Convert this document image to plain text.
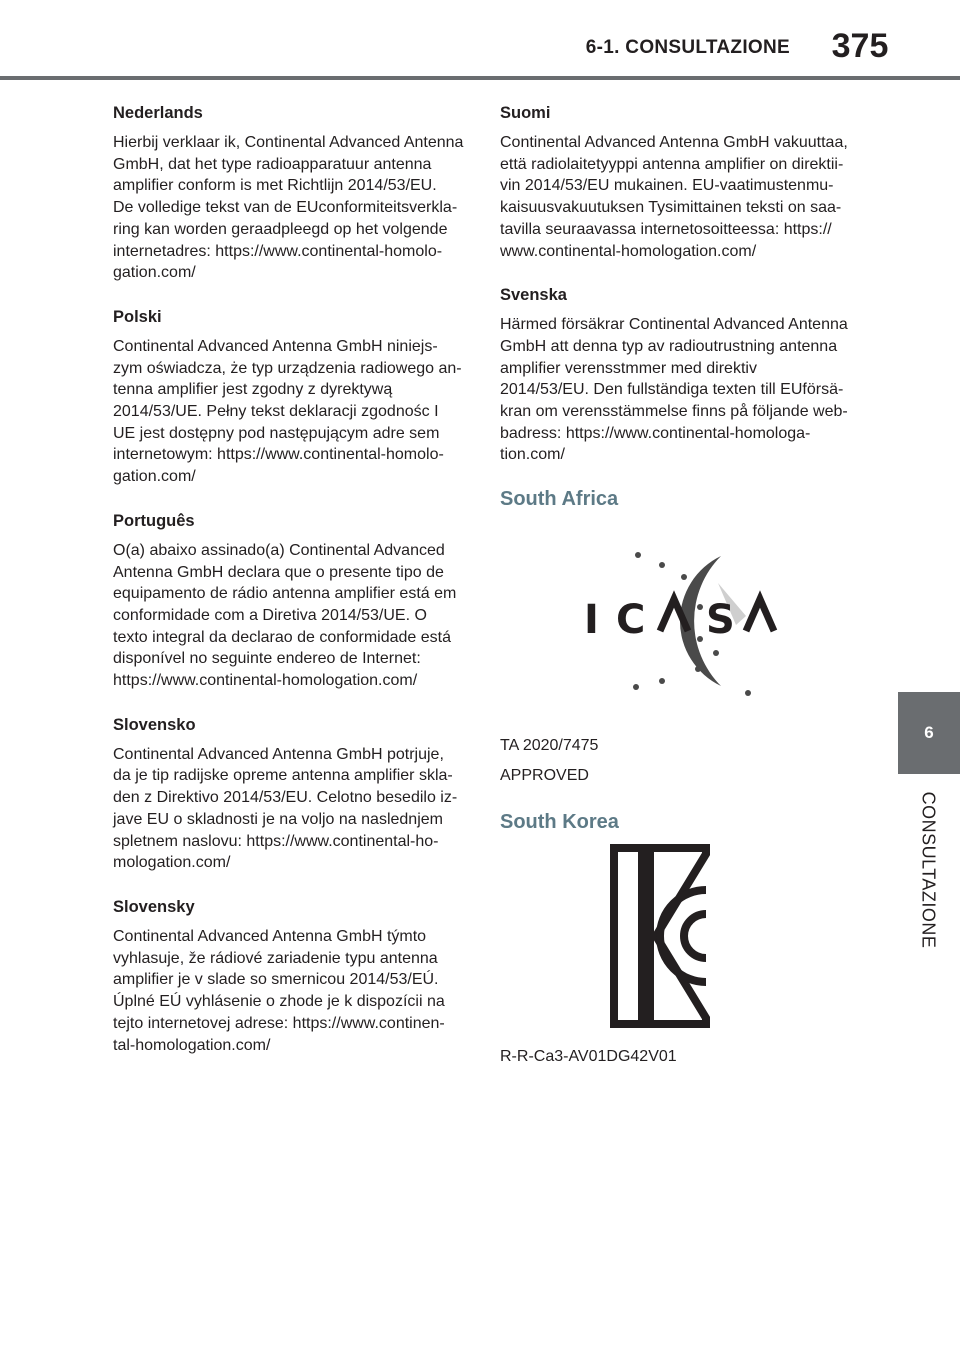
6-1. CONSULTAZIONE 375
Nederlands
Hierbij verklaar ik, Continental Advanced Antenna
GmbH, dat het type radioapparatuur antenna
amplifier conform is met Richtlijn 2014/53/EU.
De volledige tekst van de EUconformiteitsverkla-
ring kan worden geraadpleegd op het volgende
internetadres: https://www.continental-homolo-
gation.com/
Polski
Continental Advanced Antenna GmbH niniejs-
zym oświadcza, że typ urządzenia radiowego an-
tenna amplifier jest zgodny z dyrektywą
2014/53/UE. Pełny tekst deklaracji zgodnośc I
UE jest dostępny pod następującym adre sem
internetowym: https://www.continental-homolo-
gation.com/
Português
O(a) abaixo assinado(a) Continental Advanced
Antenna GmbH declara que o presente tipo de
equipamento de rádio antenna amplifier está em
conformidade com a Diretiva 2014/53/UE. O
texto integral da declarao de conformidade está
disponível no seguinte endereo de Internet:
https://www.continental-homologation.com/
Slovensko
Continental Advanced Antenna GmbH potrjuje,
da je tip radijske opreme antenna amplifier skla-
den z Direktivo 2014/53/EU. Celotno besedilo iz-
jave EU o skladnosti je na voljo na naslednjem
spletnem naslovu: https://www.continental-ho-
mologation.com/
Slovensky
Continental Advanced Antenna GmbH týmto
vyhlasuje, že rádiové zariadenie typu antenna
amplifier je v slade so smernicou 2014/53/EÚ.
Úplné EÚ vyhlásenie o zhode je k dispozícii na
tejto internetovej adrese: https://www.continen-
tal-homologation.com/
Suomi
Continental Advanced Antenna GmbH vakuuttaa,
että radiolaitetyyppi antenna amplifier on direktii-
vin 2014/53/EU mukainen. EU-vaatimustenmu-
kaisuusvakuutuksen Tysimittainen teksti on saa-
tavilla seuraavassa internetosoitteessa: https://
www.continental-homologation.com/
Svenska
Härmed försäkrar Continental Advanced Antenna
GmbH att denna typ av radioutrustning antenna
amplifier verensstmmer med direktiv
2014/53/EU. Den fullständiga texten till EUförsä-
kran om verensstämmelse finns på följande web-
badress: https://www.continental-homologa-
tion.com/
South Africa
I C S
TA 2020/7475
APPROVED
South Korea
R-R-Ca3-AV01DG42V01
6
CONSULTAZIONE
